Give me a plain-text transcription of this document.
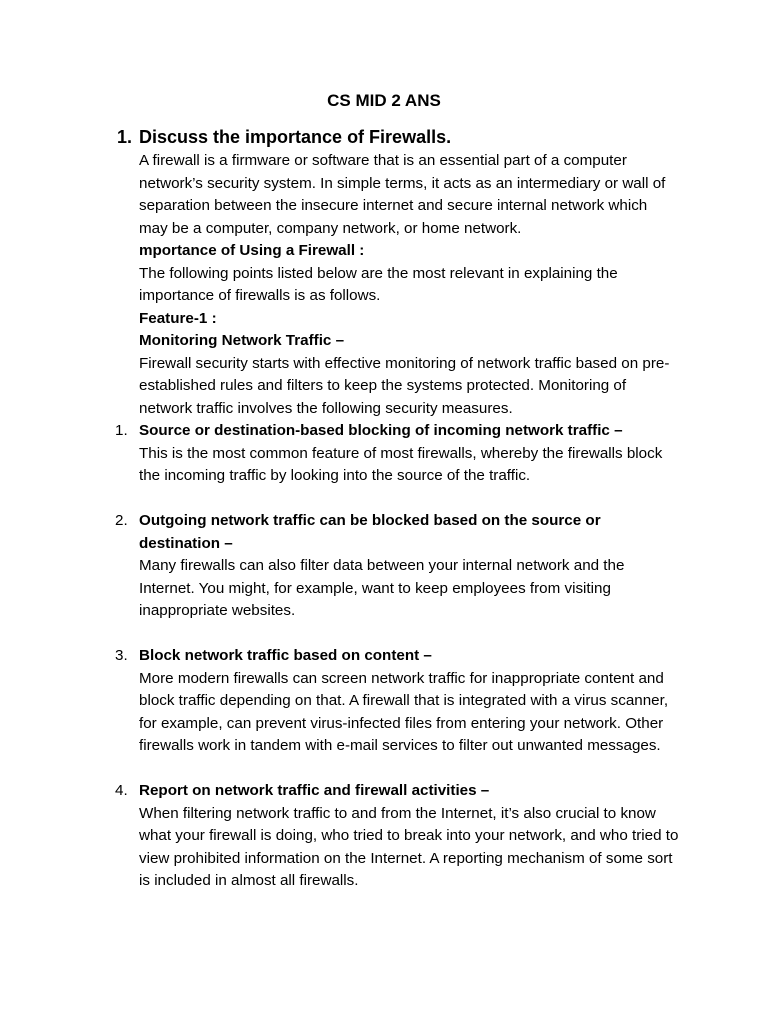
CS MID 2 ANS
1. Discuss the importance of Firewalls.

A firewall is a firmware or software that is an essential part of a computer network’s security system. In simple terms, it acts as an intermediary or wall of separation between the insecure internet and secure internal network which may be a computer, company network, or home network.

mportance of Using a Firewall :

The following points listed below are the most relevant in explaining the importance of firewalls is as follows.

Feature-1 :

Monitoring Network Traffic –

Firewall security starts with effective monitoring of network traffic based on pre-established rules and filters to keep the systems protected. Monitoring of network traffic involves the following security measures.

1. Source or destination-based blocking of incoming network traffic –

This is the most common feature of most firewalls, whereby the firewalls block the incoming traffic by looking into the source of the traffic.

2. Outgoing network traffic can be blocked based on the source or destination –

Many firewalls can also filter data between your internal network and the Internet. You might, for example, want to keep employees from visiting inappropriate websites.

3. Block network traffic based on content –

More modern firewalls can screen network traffic for inappropriate content and block traffic depending on that. A firewall that is integrated with a virus scanner, for example, can prevent virus-infected files from entering your network. Other firewalls work in tandem with e-mail services to filter out unwanted messages.

4. Report on network traffic and firewall activities –

When filtering network traffic to and from the Internet, it’s also crucial to know what your firewall is doing, who tried to break into your network, and who tried to view prohibited information on the Internet. A reporting mechanism of some sort is included in almost all firewalls.
